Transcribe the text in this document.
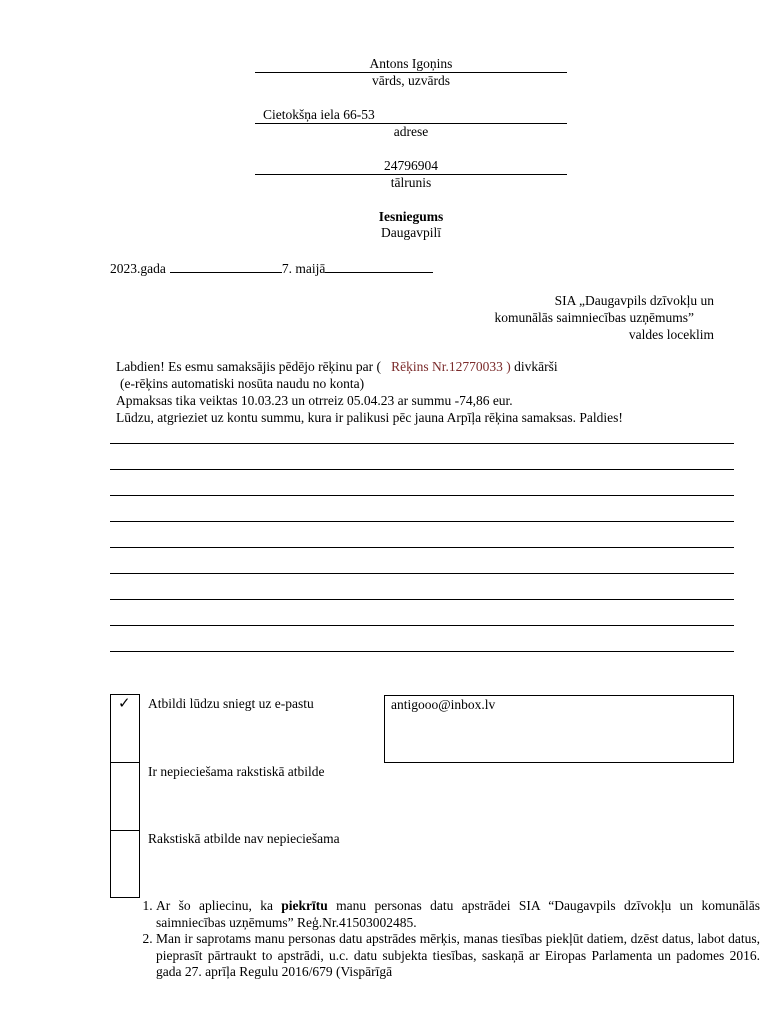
Antons Igoņins
vārds, uzvārds
Cietokšņa iela 66-53
adrese
24796904
tālrunis
Iesniegums
Daugavpilī
2023.gada	7. maijā
SIA „Daugavpils dzīvokļu un
komunālās saimniecības uzņēmums”
valdes loceklim
Labdien! Es esmu samaksājis pēdējo rēķinu par ( Rēķins Nr.12770033 ) divkārši
(e-rēķins automatiski nosūta naudu no konta)
Apmaksas tika veiktas 10.03.23 un otrreiz 05.04.23 ar summu -74,86 eur.
Lūdzu, atgrieziet uz kontu summu, kura ir palikusi pēc jauna Arpīļa rēķina samaksas. Paldies!
✓ Atbildi lūdzu sniegt uz e-pastu
Ir nepieciešama rakstiskā atbilde
Rakstiskā atbilde nav nepieciešama
antigooo@inbox.lv
1. Ar šo apliecinu, ka piekrītu manu personas datu apstrādei SIA “Daugavpils dzīvokļu un komunālās saimniecības uzņēmums” Reģ.Nr.41503002485.
2. Man ir saprotams manu personas datu apstrādes mērķis, manas tiesības piekļūt datiem, dzēst datus, labot datus, pieprasīt pārtraukt to apstrādi, u.c. datu subjekta tiesības, saskaņā ar Eiropas Parlamenta un padomes 2016. gada 27. aprīļa Regulu 2016/679 (Vispārīgā
